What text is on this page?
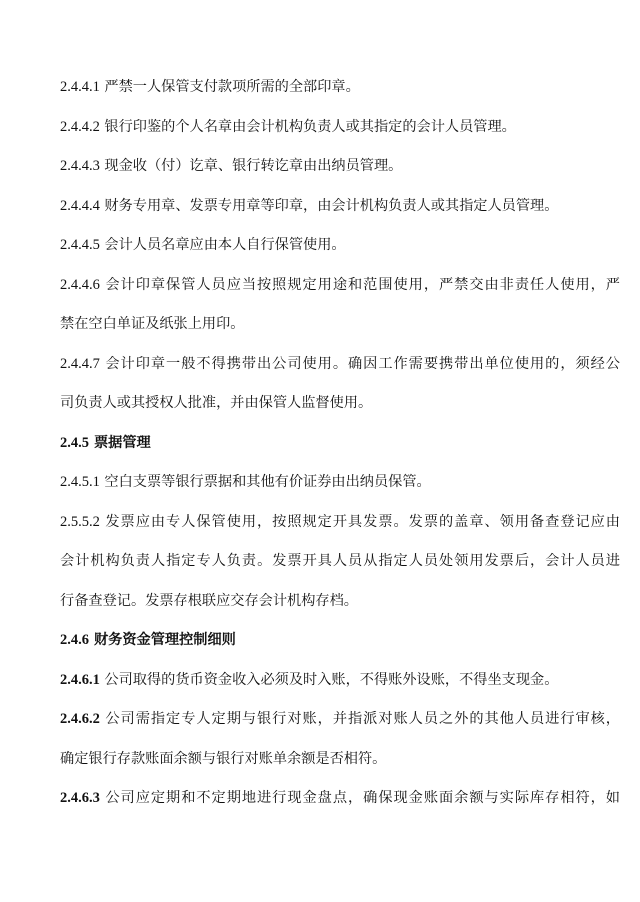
2.4.4.1 严禁一人保管支付款项所需的全部印章。
2.4.4.2 银行印鉴的个人名章由会计机构负责人或其指定的会计人员管理。
2.4.4.3 现金收（付）讫章、银行转讫章由出纳员管理。
2.4.4.4 财务专用章、发票专用章等印章，由会计机构负责人或其指定人员管理。
2.4.4.5 会计人员名章应由本人自行保管使用。
2.4.4.6 会计印章保管人员应当按照规定用途和范围使用，严禁交由非责任人使用，严
禁在空白单证及纸张上用印。
2.4.4.7 会计印章一般不得携带出公司使用。确因工作需要携带出单位使用的，须经公
司负责人或其授权人批准，并由保管人监督使用。
2.4.5 票据管理
2.4.5.1 空白支票等银行票据和其他有价证券由出纳员保管。
2.5.5.2 发票应由专人保管使用，按照规定开具发票。发票的盖章、领用备查登记应由
会计机构负责人指定专人负责。发票开具人员从指定人员处领用发票后，会计人员进
行备查登记。发票存根联应交存会计机构存档。
2.4.6 财务资金管理控制细则
2.4.6.1 公司取得的货币资金收入必须及时入账，不得账外设账，不得坐支现金。
2.4.6.2 公司需指定专人定期与银行对账，并指派对账人员之外的其他人员进行审核，
确定银行存款账面余额与银行对账单余额是否相符。
2.4.6.3 公司应定期和不定期地进行现金盘点，确保现金账面余额与实际库存相符，如
